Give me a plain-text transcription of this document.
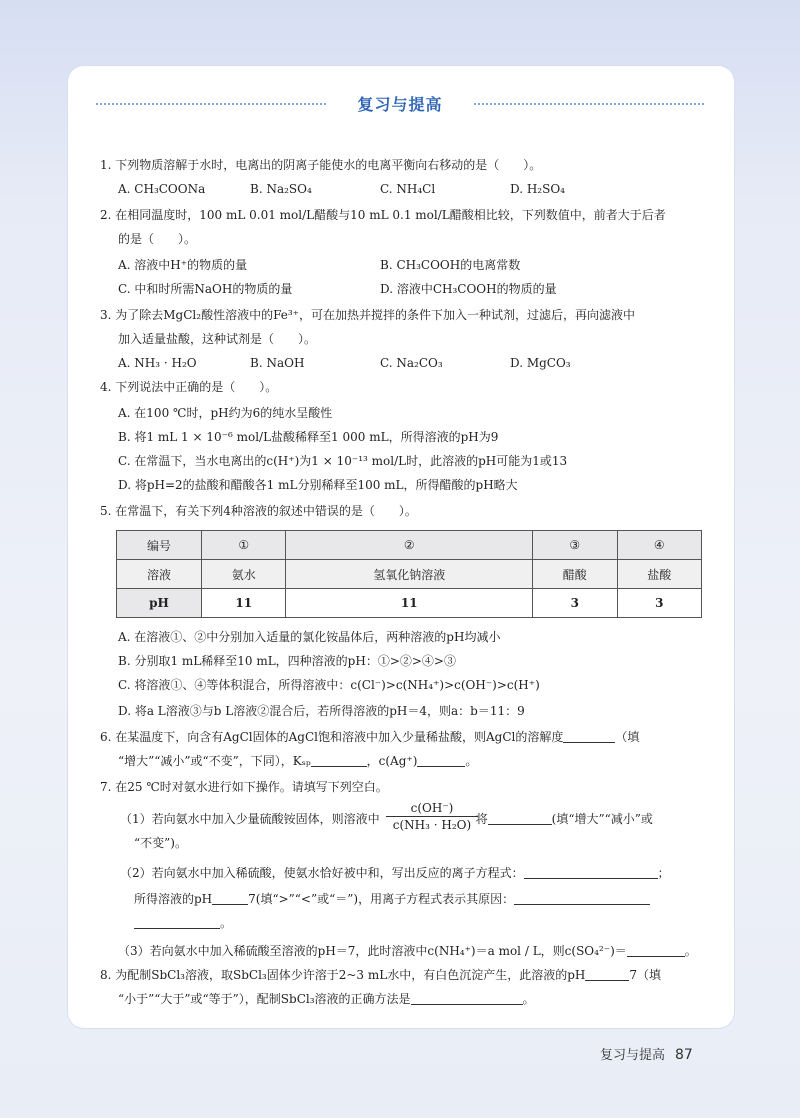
复习与提高
1. 下列物质溶解于水时，电离出的阴离子能使水的电离平衡向右移动的是（　　）。
A. CH₃COONa	B. Na₂SO₄	C. NH₄Cl	D. H₂SO₄
2. 在相同温度时，100 mL 0.01 mol/L醋酸与10 mL 0.1 mol/L醋酸相比较，下列数值中，前者大于后者
的是（　　）。
A. 溶液中H⁺的物质的量	B. CH₃COOH的电离常数
C. 中和时所需NaOH的物质的量	D. 溶液中CH₃COOH的物质的量
3. 为了除去MgCl₂酸性溶液中的Fe³⁺，可在加热并搅拌的条件下加入一种试剂，过滤后，再向滤液中
加入适量盐酸，这种试剂是（　　）。
A. NH₃ · H₂O	B. NaOH	C. Na₂CO₃	D. MgCO₃
4. 下列说法中正确的是（　　）。
A. 在100 ℃时，pH约为6的纯水呈酸性
B. 将1 mL 1 × 10⁻⁶ mol/L盐酸稀释至1 000 mL，所得溶液的pH为9
C. 在常温下，当水电离出的c(H⁺)为1 × 10⁻¹³ mol/L时，此溶液的pH可能为1或13
D. 将pH=2的盐酸和醋酸各1 mL分别稀释至100 mL，所得醋酸的pH略大
5. 在常温下，有关下列4种溶液的叙述中错误的是（　　）。
编号	①	②	③	④
溶液	氨水	氢氧化钠溶液	醋酸	盐酸
pH	11	11	3	3
A. 在溶液①、②中分别加入适量的氯化铵晶体后，两种溶液的pH均减小
B. 分别取1 mL稀释至10 mL，四种溶液的pH：①>②>④>③
C. 将溶液①、④等体积混合，所得溶液中：c(Cl⁻)>c(NH₄⁺)>c(OH⁻)>c(H⁺)
D. 将a L溶液③与b L溶液②混合后，若所得溶液的pH＝4，则a：b＝11：9
6. 在某温度下，向含有AgCl固体的AgCl饱和溶液中加入少量稀盐酸，则AgCl的溶解度	（填
“增大”“减小”或“不变”，下同），Kₛₚ	，c(Ag⁺)	。
7. 在25 ℃时对氨水进行如下操作。请填写下列空白。
（1）若向氨水中加入少量硫酸铵固体，则溶液中	将	(填“增大”“减小”或
$\frac{c(OH^-)}{\text{c(NH₃ · H₂O)}}$
“不变”)。
（2）若向氨水中加入稀硫酸，使氨水恰好被中和，写出反应的离子方程式：	；
所得溶液的pH	7(填“>”“<”或“＝”)，用离子方程式表示其原因：
。
（3）若向氨水中加入稀硫酸至溶液的pH＝7，此时溶液中c(NH₄⁺)＝a mol / L，则c(SO₄²⁻)＝	。
8. 为配制SbCl₃溶液，取SbCl₃固体少许溶于2~3 mL水中，有白色沉淀产生，此溶液的pH	7（填
“小于”“大于”或“等于”），配制SbCl₃溶液的正确方法是	。
复习与提高 87
